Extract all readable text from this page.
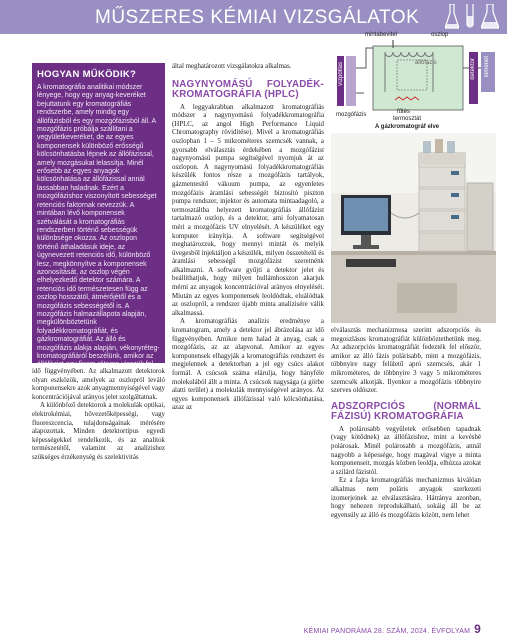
MŰSZERES KÉMIAI VIZSGÁLATOK
HOGYAN MŰKÖDIK?
A kromatográfia analitikai módszer lényege, hogy egy anyag-keveréket bejuttatunk egy kromatográfiás rendszerbe, amely mindig egy állófázisból és egy mozgófázisból áll. A mozgófázis próbálja szállítani a vegyületkeveréket, de az egyes komponensek különböző erősségű kölcsönhatásba lépnek az állófázissal, amely mozgásukat lelassítja. Minél erősebb az egyes anyagok kölcsönhatása az állófázissal annál lassabban haladnak. Ezért a mozgófázishoz viszonyított sebességet retenciós faktornak nevezzük. A mintában lévő komponensek szétválását a kromatográfiás rendszerben történő sebességük különbsége okozza. Az oszlopon történő áthaladásuk ideje, az úgynevezett retenciós idő, különböző lesz, megkönnyítve a komponensek azonosítását, az oszlop végén elhelyezkedő detektor számára. A retenciós idő természetesen függ az oszlop hosszától, átmérőjétől és a mozgófázis sebességétől is. A mozgófázis halmazállapota alapján, megkülönböztetünk folyadékkromatográfiát, és gázkromatográfiát. Az álló és mozgófázis alakja alapján, vékonyréteg-kromatográfiáról beszélünk, amikor az

idő függvényében. Az alkalmazott detektorok olyan eszközök, amelyek az oszlopról leváló komponensekre azok anyagmennyiségével vagy koncentrációjával arányos jelet szolgáltatnak.

A különböző detektorok a molekulák optikai, elektrokémiai, hővezetőképességi, vagy fluoreszcencia, tulajdonságainak mérésére alapozottak. Minden detektortípus egyedi képességekkel rendelkezik, és az analitok természetétől, valamint az analízishez szükséges érzékenység és szelektivitás

által meghatározott vizsgálatokra alkalmas.

NAGYNYOMÁSÚ FOLYADÉK-KROMATOGRÁFIA (HPLC)

A leggyakrabban alkalmazott kromatográfiás módszer a nagynyomású folyadékkromatográfia (HPLC, az angol High Performance Liquid Chromatography rövidítése). Mivel a kromatográfiás oszlopban 1 – 5 mikrométeres szemcsék vannak, a gyorsabb elválasztás érdekében a mozgófázist nagynyomású pumpa segítségével nyomjuk át az oszlopon. A nagynyomású folyadékkromatográfiás készülék fontos része a mozgófázis tartályok, gázmentesítő vákuum pumpa, az egyenletes mozgófázis áramlási sebességét biztosító piszton pumpa rendszer, injektor és automata mintaadagoló, a termosztáltba helyezett kromatográfiás állófázist tartalmazó oszlop, és a detektor, ami folyamatosan méri a mozgófázis UV elnyelését. A készüléket egy komputer irányítja. A software segítségével meghatározzuk, hogy mennyi mintát és melyik üvegesből injektáljon a készülék, milyen összetételű és áramlási sebességű mozgófázist szeretnénk alkalmazni. A software gyűjti a detektor jelet és beállíthatjuk, hogy milyen hullámhosszon akarjuk mérni az anyagok koncentrációval arányos elnyelését. Miután az egyes komponensek leoldódtak, eluálódtak az oszlopról, a rendszer újabb minta analízisére válik alkalmassá.

A kromatográfiás analízis eredménye a kromatogram, amely a detektor jel ábrázolása az idő függvényében. Amikor nem halad át anyag, csak a mozgófázis, az az alapvonal. Amikor az egyes komponensek elhagyják a kromatográfiás rendszert és megjelennek a detektorban a jel egy csúcs alakot formál. A csúcsok száma elárulja, hogy hányféle molekulából állt a minta. A csúcsok nagysága (a görbe alatti terület) a molekulák mennyiségével arányos. Az egyes komponensek állófázissal való kölcsönhatása, azaz az

mintabevitel	oszlop
vízpótlás	detektor kimenet
állófázis
mozgófázis	fűtés
termosztát
A gázkromatográf elve

elválasztás mechanizmusa szerint adszorpciós és megoszlásos kromatográfiát különböztethetünk meg. Az adszorpciós kromatográfiát fedezték fel először, amikor az álló fázis polárisabb, mint a mozgófázis, többnyire nagy felületű apró szemcsés, akár 1 mikrométeres, de többnyire 3 vagy 5 mikrométeres szemcsék alkotják. Ilyenkor a mozgófázis többnyire szerves oldószer.

ADSZORPCIÓS (NORMÁL FÁZISÚ) KROMATOGRÁFIA

A polárosabb vegyületek erősebben tapadnak (vagy kötődnek) az állófázishoz, mint a kevésbé polárosak. Minél polárosabb a mozgófázis, annál nagyobb a képessége, hogy magával vigye a minta komponenseit, mozgás közben leoldja, elhúzza azokat a szilárd fázistól.

Ez a fajta kromatográfiás mechanizmus kiválóan alkalmas nem poláris anyagok szerkezeti izomerjeinek az elválasztására. Hátránya azonban, hogy nehezen reprodukálható, sokáig áll be az egyensúly az álló és mozgófázis között, nem lehet

KÉMIAI PANORÁMA 28. SZÁM, 2024. ÉVFOLYAM 9
